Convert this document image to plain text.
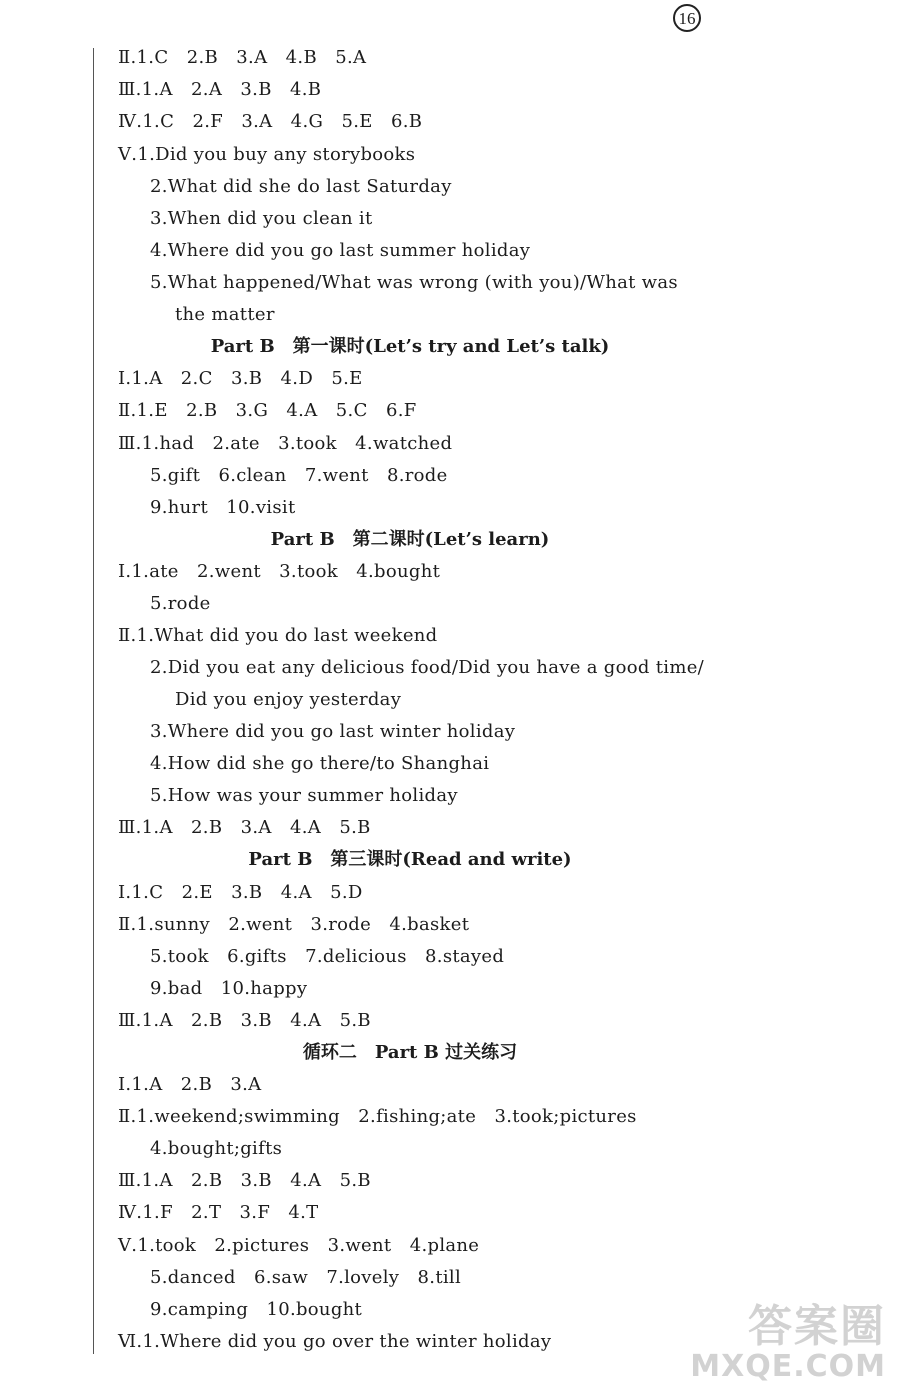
16
Ⅱ.1.C　2.B　3.A　4.B　5.A
Ⅲ.1.A　2.A　3.B　4.B
Ⅳ.1.C　2.F　3.A　4.G　5.E　6.B
Ⅴ.1.Did you buy any storybooks
2.What did she do last Saturday
3.When did you clean it
4.Where did you go last summer holiday
5.What happened/What was wrong (with you)/What was
the matter
Part B　第一课时(Let’s try and Let’s talk)
Ⅰ.1.A　2.C　3.B　4.D　5.E
Ⅱ.1.E　2.B　3.G　4.A　5.C　6.F
Ⅲ.1.had　2.ate　3.took　4.watched
5.gift　6.clean　7.went　8.rode
9.hurt　10.visit
Part B　第二课时(Let’s learn)
Ⅰ.1.ate　2.went　3.took　4.bought
5.rode
Ⅱ.1.What did you do last weekend
2.Did you eat any delicious food/Did you have a good time/
Did you enjoy yesterday
3.Where did you go last winter holiday
4.How did she go there/to Shanghai
5.How was your summer holiday
Ⅲ.1.A　2.B　3.A　4.A　5.B
Part B　第三课时(Read and write)
Ⅰ.1.C　2.E　3.B　4.A　5.D
Ⅱ.1.sunny　2.went　3.rode　4.basket
5.took　6.gifts　7.delicious　8.stayed
9.bad　10.happy
Ⅲ.1.A　2.B　3.B　4.A　5.B
循环二　Part B 过关练习
Ⅰ.1.A　2.B　3.A
Ⅱ.1.weekend;swimming　2.fishing;ate　3.took;pictures
4.bought;gifts
Ⅲ.1.A　2.B　3.B　4.A　5.B
Ⅳ.1.F　2.T　3.F　4.T
Ⅴ.1.took　2.pictures　3.went　4.plane
5.danced　6.saw　7.lovely　8.till
9.camping　10.bought
Ⅵ.1.Where did you go over the winter holiday	答案圈
MXQE.COM
